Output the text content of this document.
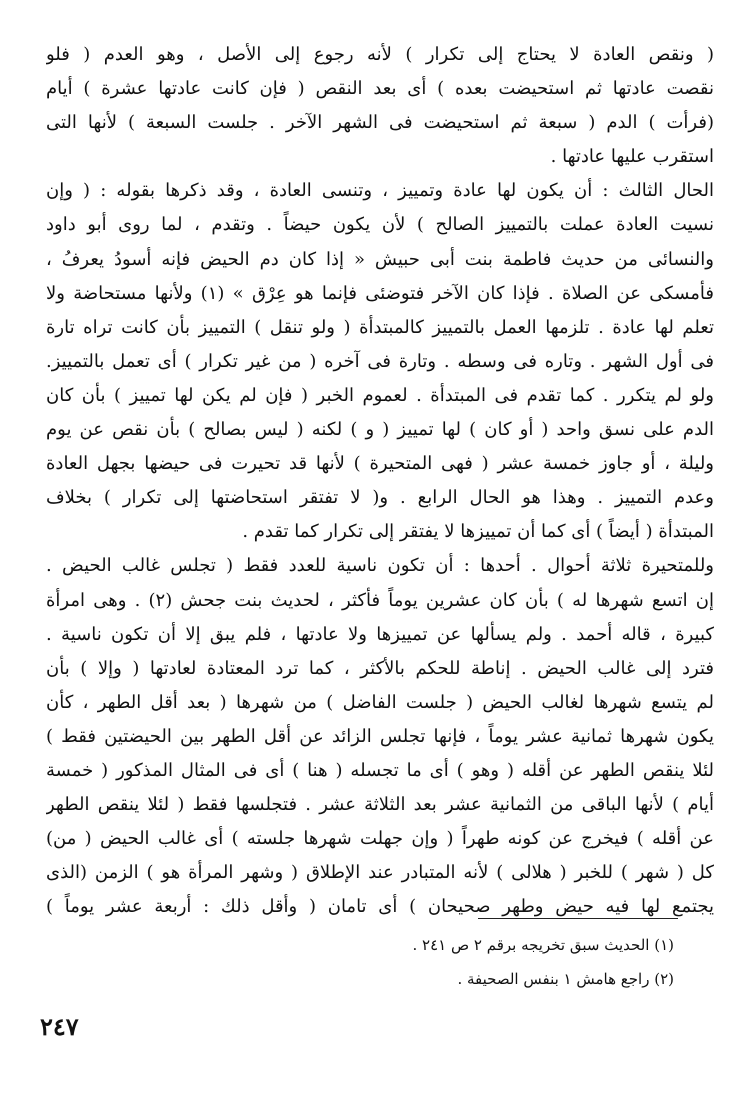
( ونقص العادة لا يحتاج إلى تكرار ) لأنه رجوع إلى الأصل ، وهو العدم ( فلو
نقصت عادتها ثم استحيضت بعده ) أى بعد النقص ( فإن كانت عادتها عشرة ) أيام
(فرأت ) الدم ( سبعة ثم استحيضت فى الشهر الآخر . جلست السبعة ) لأنها التى
استقرب عليها عادتها .
الحال الثالث : أن يكون لها عادة وتمييز ، وتنسى العادة ، وقد ذكرها بقوله : ( وإن
نسيت العادة عملت بالتمييز الصالح ) لأن يكون حيضاً . وتقدم ، لما روى أبو داود
والنسائى من حديث فاطمة بنت أبى حبيش « إذا كان دم الحيض فإنه أسودُ يعرفُ ،
فأمسكى عن الصلاة . فإذا كان الآخر فتوضئى فإنما هو عِرْق » (١) ولأنها مستحاضة ولا
تعلم لها عادة . تلزمها العمل بالتمييز كالمبتدأة ( ولو تنقل ) التمييز بأن كانت تراه تارة
فى أول الشهر . وتاره فى وسطه . وتارة فى آخره ( من غير تكرار ) أى تعمل بالتمييز.
ولو لم يتكرر . كما تقدم فى المبتدأة . لعموم الخبر ( فإن لم يكن لها تمييز ) بأن كان
الدم على نسق واحد ( أو كان ) لها تمييز ( و ) لكنه ( ليس بصالح ) بأن نقص عن يوم
وليلة ، أو جاوز خمسة عشر ( فهى المتحيرة ) لأنها قد تحيرت فى حيضها بجهل العادة
وعدم التمييز . وهذا هو الحال الرابع . و( لا تفتقر استحاضتها إلى تكرار ) بخلاف
المبتدأة ( أيضاً ) أى كما أن تمييزها لا يفتقر إلى تكرار كما تقدم .
وللمتحيرة ثلاثة أحوال . أحدها : أن تكون ناسية للعدد فقط ( تجلس غالب الحيض .
إن اتسع شهرها له ) بأن كان عشرين يوماً فأكثر ، لحديث بنت جحش (٢) . وهى امرأة
كبيرة ، قاله أحمد . ولم يسألها عن تمييزها ولا عادتها ، فلم يبق إلا أن تكون ناسية .
فترد إلى غالب الحيض . إناطة للحكم بالأكثر ، كما ترد المعتادة لعادتها ( وإلا ) بأن
لم يتسع شهرها لغالب الحيض ( جلست الفاضل ) من شهرها ( بعد أقل الطهر ، كأن
يكون شهرها ثمانية عشر يوماً ، فإنها تجلس الزائد عن أقل الطهر بين الحيضتين فقط )
لئلا ينقص الطهر عن أقله ( وهو ) أى ما تجسله ( هنا ) أى فى المثال المذكور ( خمسة
أيام ) لأنها الباقى من الثمانية عشر بعد الثلاثة عشر . فتجلسها فقط ( لئلا ينقص الطهر
عن أقله ) فيخرج عن كونه طهراً ( وإن جهلت شهرها جلسته ) أى غالب الحيض ( من)
كل ( شهر ) للخبر ( هلالى ) لأنه المتبادر عند الإطلاق ( وشهر المرأة هو ) الزمن (الذى
يجتمع لها فيه حيض وطهر صحيحان ) أى تامان ( وأقل ذلك : أربعة عشر يوماً )
(١) الحديث سبق تخريجه برقم ٢ ص ٢٤١ .
(٢) راجع هامش ١ بنفس الصحيفة .
٢٤٧
